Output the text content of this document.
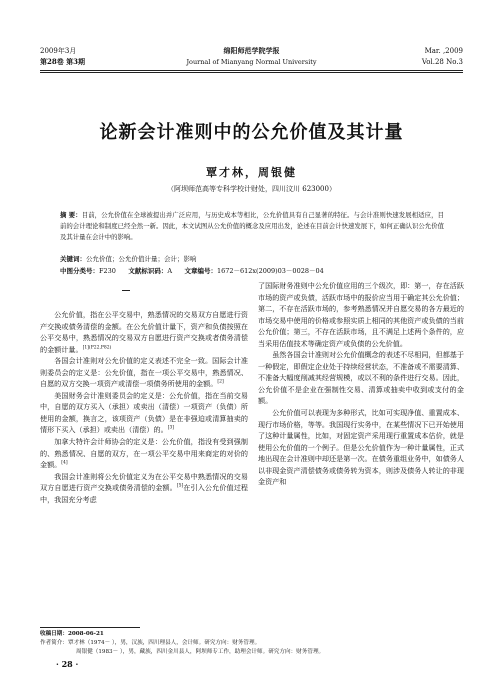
2009年3月
第28卷 第3期
绵阳师范学院学报
Journal of Mianyang Normal University
Mar. ,2009
Vol.28 No.3
论新会计准则中的公允价值及其计量
覃才林，周银健
（阿坝师范高等专科学校计财处，四川汶川 623000）
摘 要：目前，公允价值在全球被提出并广泛应用，与历史成本等相比，公允价值具有自己显著的特征。与会计准则快速发展相适应，目前的会计理论和制度已经全然一新。因此，本文试图从公允价值的概念及应用出发，论述在目前会计快速发展下，如何正确认识公允价值及其计量在会计中的影响。
关键词：公允价值；公允价值计量；会计；影响
中图分类号：F230 文献标识码：A 文章编号：1672－612x(2009)03－0028－04

公允价值，指在公平交易中，熟悉情况的交易双方自愿进行资产交换或债务清偿的金额。在公允价值计量下，资产和负债按照在公平交易中，熟悉情况的交易双方自愿进行资产交换或者债务清偿的金额计量。$^{[1](P22,P82)}$

各国会计准则对公允价值的定义表述不完全一致。国际会计准则委员会的定义是：公允价值，指在一项公平交易中，熟悉情况、自愿的双方交换一项资产或清偿一项债务所使用的金额。[2]

美国财务会计准则委员会的定义是：公允价值，指在当前交易中，自愿的双方买入（承担）或卖出（清偿）一项资产（负债）所使用的金额，换言之，该项资产（负债）是在非强迫或清算抽卖的情形下买入（承担）或卖出（清偿）的。[3]

加拿大特许会计师协会的定义是：公允价值，指没有受到强制的、熟悉情况、自愿的双方，在一项公平交易中用来商定的对价的金额。[4]

我国会计准则将公允价值定义为在公平交易中熟悉情况的交易双方自愿进行资产交换或债务清偿的金额。[5]在引入公允价值过程中，我国充分考虑

了国际财务准则中公允价值应用的三个级次，即：第一，存在活跃市场的资产或负债，活跃市场中的报价应当用于确定其公允价值；第二，不存在活跃市场的，参考熟悉情况并自愿交易的各方最近的市场交易中使用的价格或参照实质上相同的其他资产或负债的当前公允价值；第三，不存在活跃市场，且不满足上述两个条件的，应当采用估值技术等确定资产或负债的公允价值。

虽然各国会计准则对公允价值概念的表述不尽相同，但都基于一种假定，即假定企业处于持续经营状态，不准备或不需要清算、不准备大幅度削减其经营规模，或以不利的条件进行交易。因此，公允价值不是企业在强制性交易、清算或抽卖中收到或支付的金额。

公允价值可以表现为多种形式，比如可实现净值、重置成本、现行市场价格，等等。我国现行实务中，在某些情况下已开始使用了这种计量属性，比如，对固定资产采用现行重置成本估价，就是使用公允价值的一个例子。但是公允价值作为一种计量属性，正式地出现在会计准则中却还是第一次。在债务重组业务中，如债务人以非现金资产清偿债务或债务转为资本，则涉及债务人转让的非现金资产和

收稿日期：2008-06-21
作者简介：覃才林（1974－ ），男，汉族，四川理县人，会计师。研究方向：财务管理。
周银健（1983－ ），男，藏族，四川金川县人，阿坝师专工作，助理会计师。研究方向：财务管理。
· 28 ·
